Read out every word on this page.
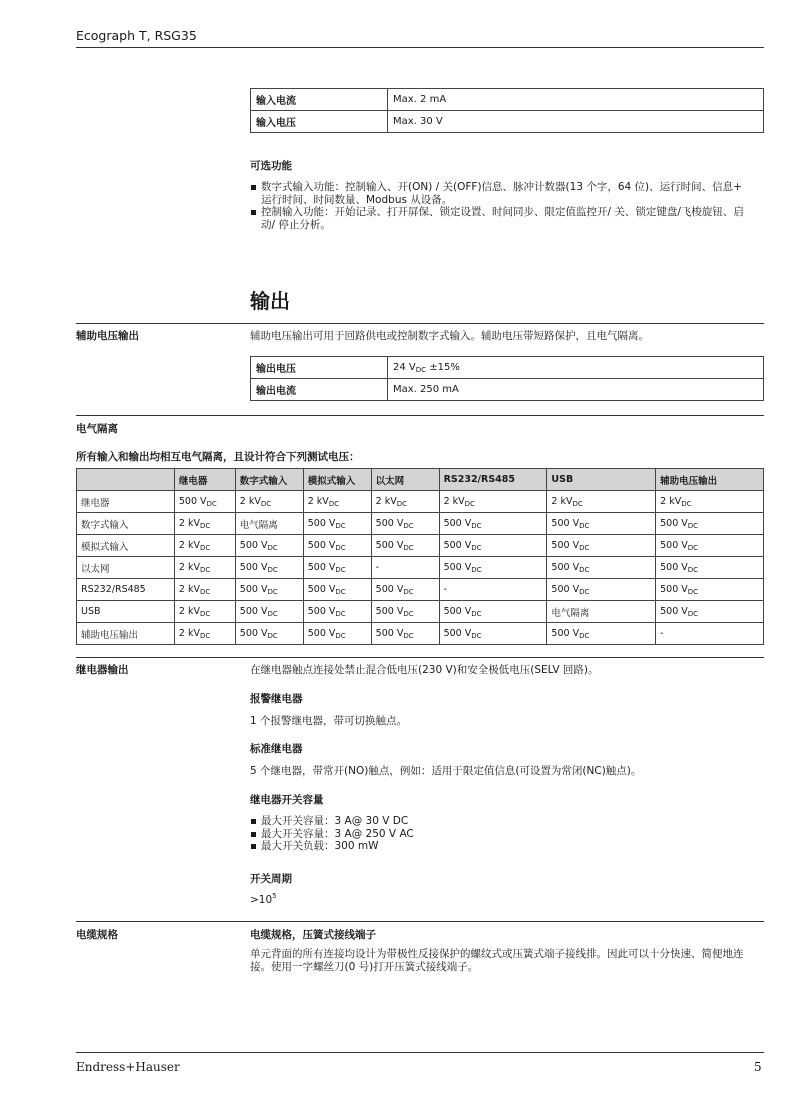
Ecograph T, RSG35
输入电流	Max. 2 mA
输入电压	Max. 30 V
可选功能
数字式输入功能：控制输入、开(ON) / 关(OFF)信息、脉冲计数器(13 个字，64 位)、运行时间、信息+ 运行时间、时间数量、Modbus 从设备。
控制输入功能：开始记录、打开屏保、锁定设置、时间同步、限定值监控开/ 关、锁定键盘/飞梭旋钮、启动/ 停止分析。
输出
辅助电压输出	辅助电压输出可用于回路供电或控制数字式输入。辅助电压带短路保护，且电气隔离。
输出电压	24 $V_{DC} \pm 15\%$
输出电流	Max. 250 mA
电气隔离
所有输入和输出均相互电气隔离，且设计符合下列测试电压：
	继电器	数字式输入	模拟式输入	以太网	RS232/RS485	USB	辅助电压输出
继电器	500 $V_{DC}$	2 $kV_{DC}$	2 $kV_{DC}$	2 $kV_{DC}$	2 $kV_{DC}$	2 $kV_{DC}$	2 $kV_{DC}$
数字式输入	2 $kV_{DC}$	电气隔离	500 $V_{DC}$	500 $V_{DC}$	500 $V_{DC}$	500 $V_{DC}$	500 $V_{DC}$
模拟式输入	2 $kV_{DC}$	500 $V_{DC}$	500 $V_{DC}$	500 $V_{DC}$	500 $V_{DC}$	500 $V_{DC}$	500 $V_{DC}$
以太网	2 $kV_{DC}$	500 $V_{DC}$	500 $V_{DC}$	-	500 $V_{DC}$	500 $V_{DC}$	500 $V_{DC}$
RS232/RS485	2 $kV_{DC}$	500 $V_{DC}$	500 $V_{DC}$	500 $V_{DC}$	-	500 $V_{DC}$	500 $V_{DC}$
USB	2 $kV_{DC}$	500 $V_{DC}$	500 $V_{DC}$	500 $V_{DC}$	500 $V_{DC}$	电气隔离	500 $V_{DC}$
辅助电压输出	2 $kV_{DC}$	500 $V_{DC}$	500 $V_{DC}$	500 $V_{DC}$	500 $V_{DC}$	500 $V_{DC}$	-
继电器输出	在继电器触点连接处禁止混合低电压(230 V)和安全极低电压(SELV 回路)。
报警继电器
1 个报警继电器，带可切换触点。
标准继电器
5 个继电器，带常开(NO)触点，例如：适用于限定值信息(可设置为常闭(NC)触点)。
继电器开关容量
最大开关容量：3 A@ 30 V DC
最大开关容量：3 A@ 250 V AC
最大开关负载：300 mW
开关周期
$>10^5$
电缆规格	电缆规格，压簧式接线端子
单元背面的所有连接均设计为带极性反接保护的螺纹式或压簧式端子接线排。因此可以十分快速、简便地连接。使用一字螺丝刀(0 号)打开压簧式接线端子。
Endress+Hauser	5
